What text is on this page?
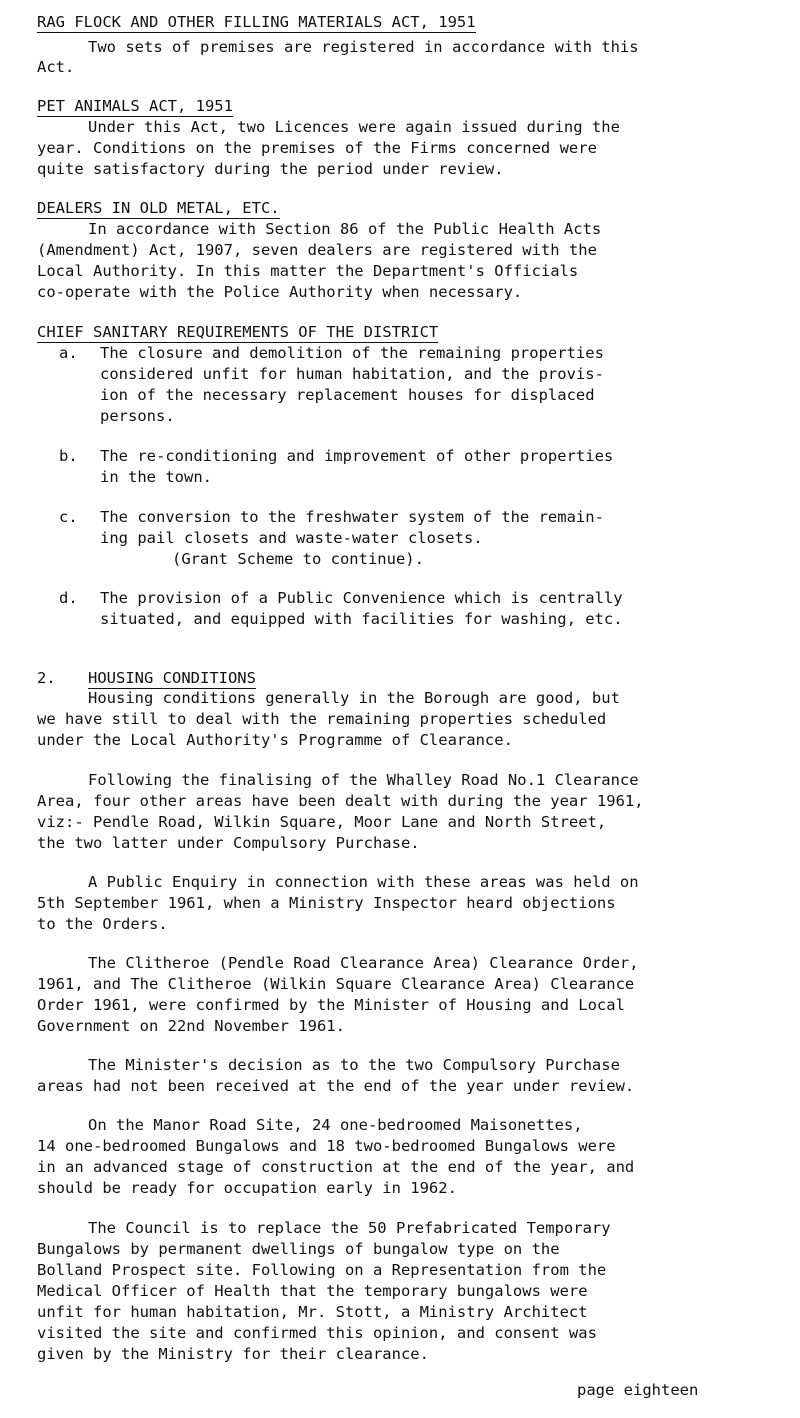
RAG FLOCK AND OTHER FILLING MATERIALS ACT, 1951
Two sets of premises are registered in accordance with this
Act.
PET ANIMALS ACT, 1951
Under this Act, two Licences were again issued during the
year. Conditions on the premises of the Firms concerned were
quite satisfactory during the period under review.
DEALERS IN OLD METAL, ETC.
In accordance with Section 86 of the Public Health Acts
(Amendment) Act, 1907, seven dealers are registered with the
Local Authority. In this matter the Department's Officials
co-operate with the Police Authority when necessary.
CHIEF SANITARY REQUIREMENTS OF THE DISTRICT
a. The closure and demolition of the remaining properties
considered unfit for human habitation, and the provis-
ion of the necessary replacement houses for displaced
persons.
b. The re-conditioning and improvement of other properties
in the town.
c. The conversion to the freshwater system of the remain-
ing pail closets and waste-water closets.
(Grant Scheme to continue).
d. The provision of a Public Convenience which is centrally
situated, and equipped with facilities for washing, etc.
2. HOUSING CONDITIONS
Housing conditions generally in the Borough are good, but
we have still to deal with the remaining properties scheduled
under the Local Authority's Programme of Clearance.
Following the finalising of the Whalley Road No.1 Clearance
Area, four other areas have been dealt with during the year 1961,
viz:- Pendle Road, Wilkin Square, Moor Lane and North Street,
the two latter under Compulsory Purchase.
A Public Enquiry in connection with these areas was held on
5th September 1961, when a Ministry Inspector heard objections
to the Orders.
The Clitheroe (Pendle Road Clearance Area) Clearance Order,
1961, and The Clitheroe (Wilkin Square Clearance Area) Clearance
Order 1961, were confirmed by the Minister of Housing and Local
Government on 22nd November 1961.
The Minister's decision as to the two Compulsory Purchase
areas had not been received at the end of the year under review.
On the Manor Road Site, 24 one-bedroomed Maisonettes,
14 one-bedroomed Bungalows and 18 two-bedroomed Bungalows were
in an advanced stage of construction at the end of the year, and
should be ready for occupation early in 1962.
The Council is to replace the 50 Prefabricated Temporary
Bungalows by permanent dwellings of bungalow type on the
Bolland Prospect site. Following on a Representation from the
Medical Officer of Health that the temporary bungalows were
unfit for human habitation, Mr. Stott, a Ministry Architect
visited the site and confirmed this opinion, and consent was
given by the Ministry for their clearance.
page eighteen
